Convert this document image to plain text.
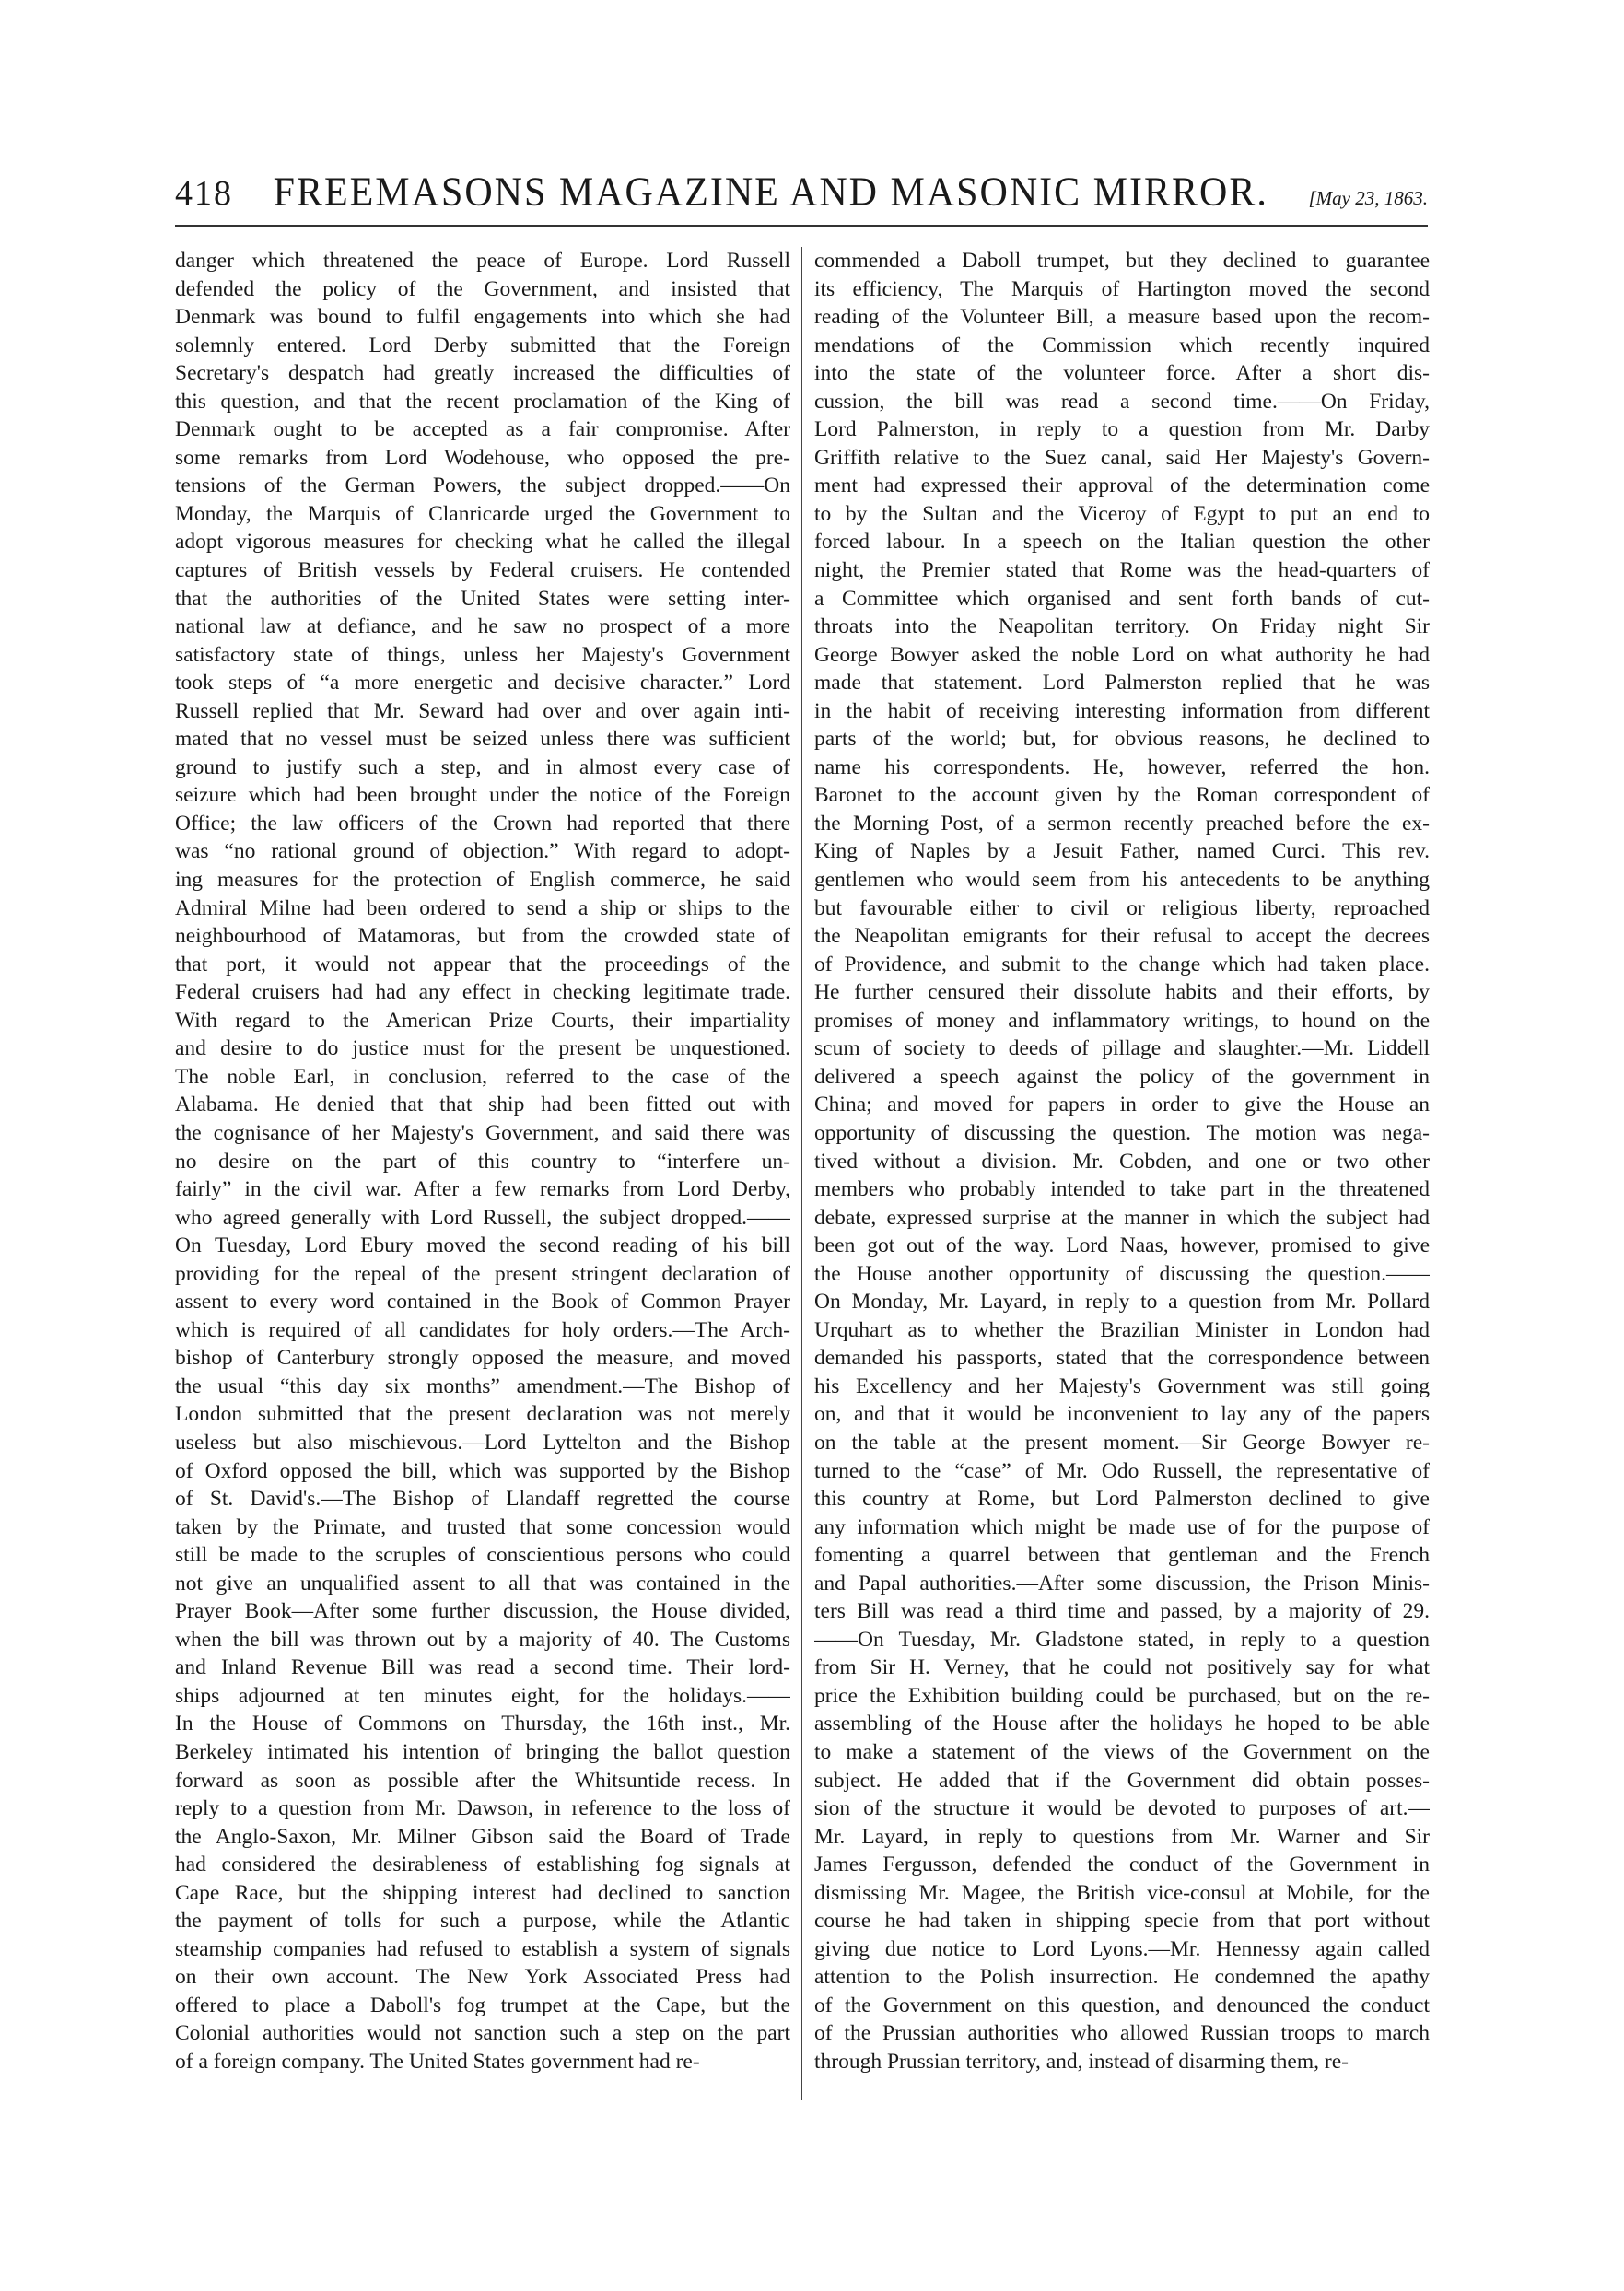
418 FREEMASONS MAGAZINE AND MASONIC MIRROR. [May 23, 1863.
danger which threatened the peace of Europe. Lord Russell
defended the policy of the Government, and insisted that
Denmark was bound to fulfil engagements into which she had
solemnly entered. Lord Derby submitted that the Foreign
Secretary's despatch had greatly increased the difficulties of
this question, and that the recent proclamation of the King of
Denmark ought to be accepted as a fair compromise. After
some remarks from Lord Wodehouse, who opposed the pre-
tensions of the German Powers, the subject dropped.——On
Monday, the Marquis of Clanricarde urged the Government to
adopt vigorous measures for checking what he called the illegal
captures of British vessels by Federal cruisers. He contended
that the authorities of the United States were setting inter-
national law at defiance, and he saw no prospect of a more
satisfactory state of things, unless her Majesty's Government
took steps of “a more energetic and decisive character.” Lord
Russell replied that Mr. Seward had over and over again inti-
mated that no vessel must be seized unless there was sufficient
ground to justify such a step, and in almost every case of
seizure which had been brought under the notice of the Foreign
Office; the law officers of the Crown had reported that there
was “no rational ground of objection.” With regard to adopt-
ing measures for the protection of English commerce, he said
Admiral Milne had been ordered to send a ship or ships to the
neighbourhood of Matamoras, but from the crowded state of
that port, it would not appear that the proceedings of the
Federal cruisers had had any effect in checking legitimate trade.
With regard to the American Prize Courts, their impartiality
and desire to do justice must for the present be unquestioned.
The noble Earl, in conclusion, referred to the case of the
Alabama. He denied that that ship had been fitted out with
the cognisance of her Majesty's Government, and said there was
no desire on the part of this country to “interfere un-
fairly” in the civil war. After a few remarks from Lord Derby,
who agreed generally with Lord Russell, the subject dropped.——
On Tuesday, Lord Ebury moved the second reading of his bill
providing for the repeal of the present stringent declaration of
assent to every word contained in the Book of Common Prayer
which is required of all candidates for holy orders.—The Arch-
bishop of Canterbury strongly opposed the measure, and moved
the usual “this day six months” amendment.—The Bishop of
London submitted that the present declaration was not merely
useless but also mischievous.—Lord Lyttelton and the Bishop
of Oxford opposed the bill, which was supported by the Bishop
of St. David's.—The Bishop of Llandaff regretted the course
taken by the Primate, and trusted that some concession would
still be made to the scruples of conscientious persons who could
not give an unqualified assent to all that was contained in the
Prayer Book—After some further discussion, the House divided,
when the bill was thrown out by a majority of 40. The Customs
and Inland Revenue Bill was read a second time. Their lord-
ships adjourned at ten minutes eight, for the holidays.——
In the House of Commons on Thursday, the 16th inst., Mr.
Berkeley intimated his intention of bringing the ballot question
forward as soon as possible after the Whitsuntide recess. In
reply to a question from Mr. Dawson, in reference to the loss of
the Anglo-Saxon, Mr. Milner Gibson said the Board of Trade
had considered the desirableness of establishing fog signals at
Cape Race, but the shipping interest had declined to sanction
the payment of tolls for such a purpose, while the Atlantic
steamship companies had refused to establish a system of signals
on their own account. The New York Associated Press had
offered to place a Daboll's fog trumpet at the Cape, but the
Colonial authorities would not sanction such a step on the part
of a foreign company. The United States government had re-
commended a Daboll trumpet, but they declined to guarantee
its efficiency, The Marquis of Hartington moved the second
reading of the Volunteer Bill, a measure based upon the recom-
mendations of the Commission which recently inquired
into the state of the volunteer force. After a short dis-
cussion, the bill was read a second time.——On Friday,
Lord Palmerston, in reply to a question from Mr. Darby
Griffith relative to the Suez canal, said Her Majesty's Govern-
ment had expressed their approval of the determination come
to by the Sultan and the Viceroy of Egypt to put an end to
forced labour. In a speech on the Italian question the other
night, the Premier stated that Rome was the head-quarters of
a Committee which organised and sent forth bands of cut-
throats into the Neapolitan territory. On Friday night Sir
George Bowyer asked the noble Lord on what authority he had
made that statement. Lord Palmerston replied that he was
in the habit of receiving interesting information from different
parts of the world; but, for obvious reasons, he declined to
name his correspondents. He, however, referred the hon.
Baronet to the account given by the Roman correspondent of
the Morning Post, of a sermon recently preached before the ex-
King of Naples by a Jesuit Father, named Curci. This rev.
gentlemen who would seem from his antecedents to be anything
but favourable either to civil or religious liberty, reproached
the Neapolitan emigrants for their refusal to accept the decrees
of Providence, and submit to the change which had taken place.
He further censured their dissolute habits and their efforts, by
promises of money and inflammatory writings, to hound on the
scum of society to deeds of pillage and slaughter.—Mr. Liddell
delivered a speech against the policy of the government in
China; and moved for papers in order to give the House an
opportunity of discussing the question. The motion was nega-
tived without a division. Mr. Cobden, and one or two other
members who probably intended to take part in the threatened
debate, expressed surprise at the manner in which the subject had
been got out of the way. Lord Naas, however, promised to give
the House another opportunity of discussing the question.——
On Monday, Mr. Layard, in reply to a question from Mr. Pollard
Urquhart as to whether the Brazilian Minister in London had
demanded his passports, stated that the correspondence between
his Excellency and her Majesty's Government was still going
on, and that it would be inconvenient to lay any of the papers
on the table at the present moment.—Sir George Bowyer re-
turned to the “case” of Mr. Odo Russell, the representative of
this country at Rome, but Lord Palmerston declined to give
any information which might be made use of for the purpose of
fomenting a quarrel between that gentleman and the French
and Papal authorities.—After some discussion, the Prison Minis-
ters Bill was read a third time and passed, by a majority of 29.
——On Tuesday, Mr. Gladstone stated, in reply to a question
from Sir H. Verney, that he could not positively say for what
price the Exhibition building could be purchased, but on the re-
assembling of the House after the holidays he hoped to be able
to make a statement of the views of the Government on the
subject. He added that if the Government did obtain posses-
sion of the structure it would be devoted to purposes of art.—
Mr. Layard, in reply to questions from Mr. Warner and Sir
James Fergusson, defended the conduct of the Government in
dismissing Mr. Magee, the British vice-consul at Mobile, for the
course he had taken in shipping specie from that port without
giving due notice to Lord Lyons.—Mr. Hennessy again called
attention to the Polish insurrection. He condemned the apathy
of the Government on this question, and denounced the conduct
of the Prussian authorities who allowed Russian troops to march
through Prussian territory, and, instead of disarming them, re-
